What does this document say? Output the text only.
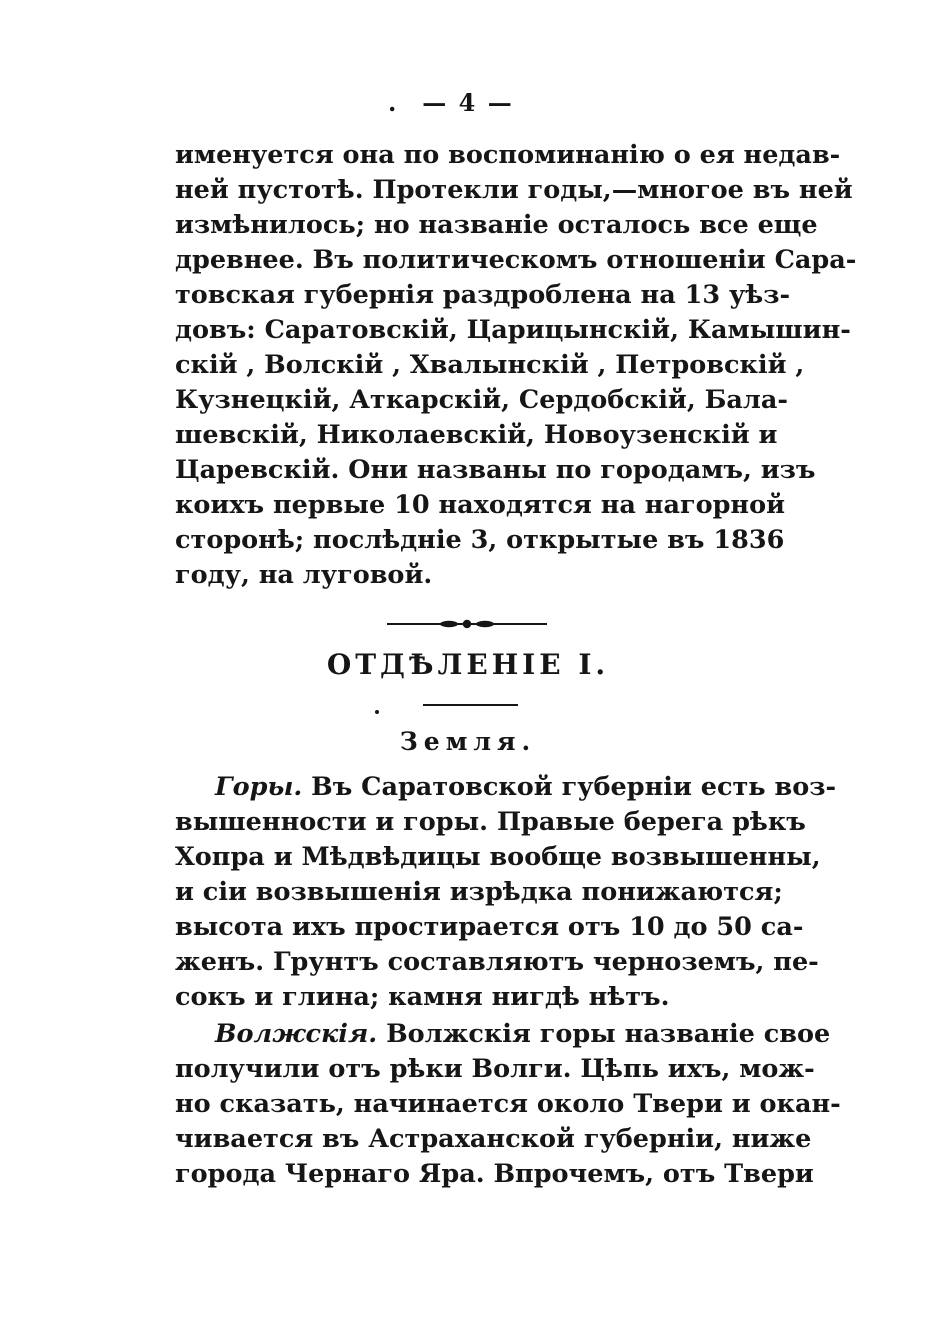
. — 4 —
именуется она по воспоминанію о ея недав-
ней пустотѣ. Протекли годы,—многое въ ней
измѣнилось; но названіе осталось все еще
древнее. Въ политическомъ отношеніи Сара-
товская губернія раздроблена на 13 уѣз-
довъ: Саратовскій, Царицынскій, Камышин-
скій , Волскій , Хвалынскій , Петровскій ,
Кузнецкій, Аткарскій, Сердобскій, Бала-
шевскій, Николаевскій, Новоузенскій и
Царевскій. Они названы по городамъ, изъ
коихъ первые 10 находятся на нагорной
сторонѣ; послѣдніе 3, открытые въ 1836
году, на луговой.
ОТДѢЛЕНІЕ I.
Земля.
Горы. Въ Саратовской губерніи есть воз-
вышенности и горы. Правые берега рѣкъ
Хопра и Мѣдвѣдицы вообще возвышенны,
и сіи возвышенія изрѣдка понижаются;
высота ихъ простирается отъ 10 до 50 са-
женъ. Грунтъ составляютъ черноземъ, пе-
сокъ и глина; камня нигдѣ нѣтъ.
Волжскія. Волжскія горы названіе свое
получили отъ рѣки Волги. Цѣпь ихъ, мож-
но сказать, начинается около Твери и окан-
чивается въ Астраханской губерніи, ниже
города Чернаго Яра. Впрочемъ, отъ Твери
